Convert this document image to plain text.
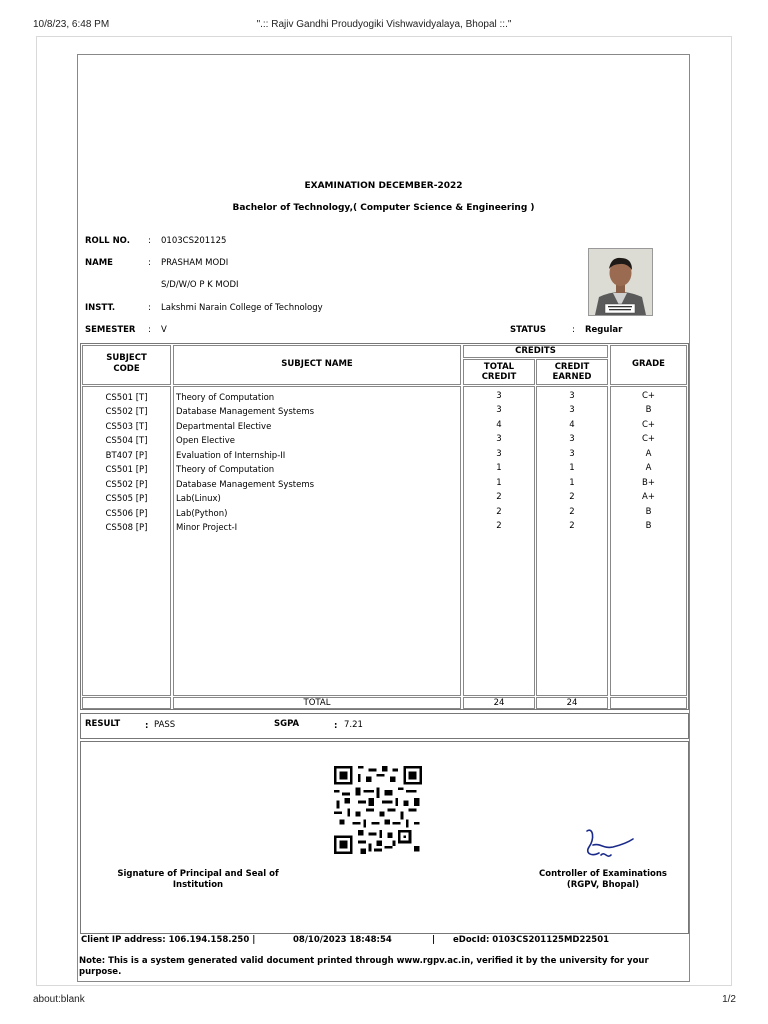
10/8/23, 6:48 PM	".:: Rajiv Gandhi Proudyogiki Vishwavidyalaya, Bhopal ::."
EXAMINATION DECEMBER-2022
Bachelor of Technology,( Computer Science & Engineering )
ROLL NO. : 0103CS201125
NAME	: PRASHAM MODI
S/D/W/O P K MODI
INSTT.	: Lakshmi Narain College of Technology
SEMESTER : V	STATUS	: Regular
SUBJECT
CODE	SUBJECT NAME
CREDITS
TOTAL
CREDIT
CREDIT
EARNED
GRADE
CS501 [T]	Theory of Computation	3	3	C+
CS502 [T]	Database Management Systems	3	3	B
CS503 [T]	Departmental Elective	4	4	C+
CS504 [T]	Open Elective	3	3	C+
BT407 [P]	Evaluation of Internship-II	3	3	A
CS501 [P]	Theory of Computation	1	1	A
CS502 [P]	Database Management Systems	1	1	B+
CS505 [P]	Lab(Linux)	2	2	A+
CS506 [P]	Lab(Python)	2	2	B
CS508 [P]	Minor Project-I	2	2	B
TOTAL	24	24
RESULT	: PASS	SGPA	: 7.21
Signature of Principal and Seal of
Institution
Controller of Examinations
(RGPV, Bhopal)
Client IP address: 106.194.158.250 |	08/10/2023 18:48:54	| eDocId: 0103CS201125MD22501
Note: This is a system generated valid document printed through www.rgpv.ac.in, verified it by the university for your purpose.
about:blank	1/2
